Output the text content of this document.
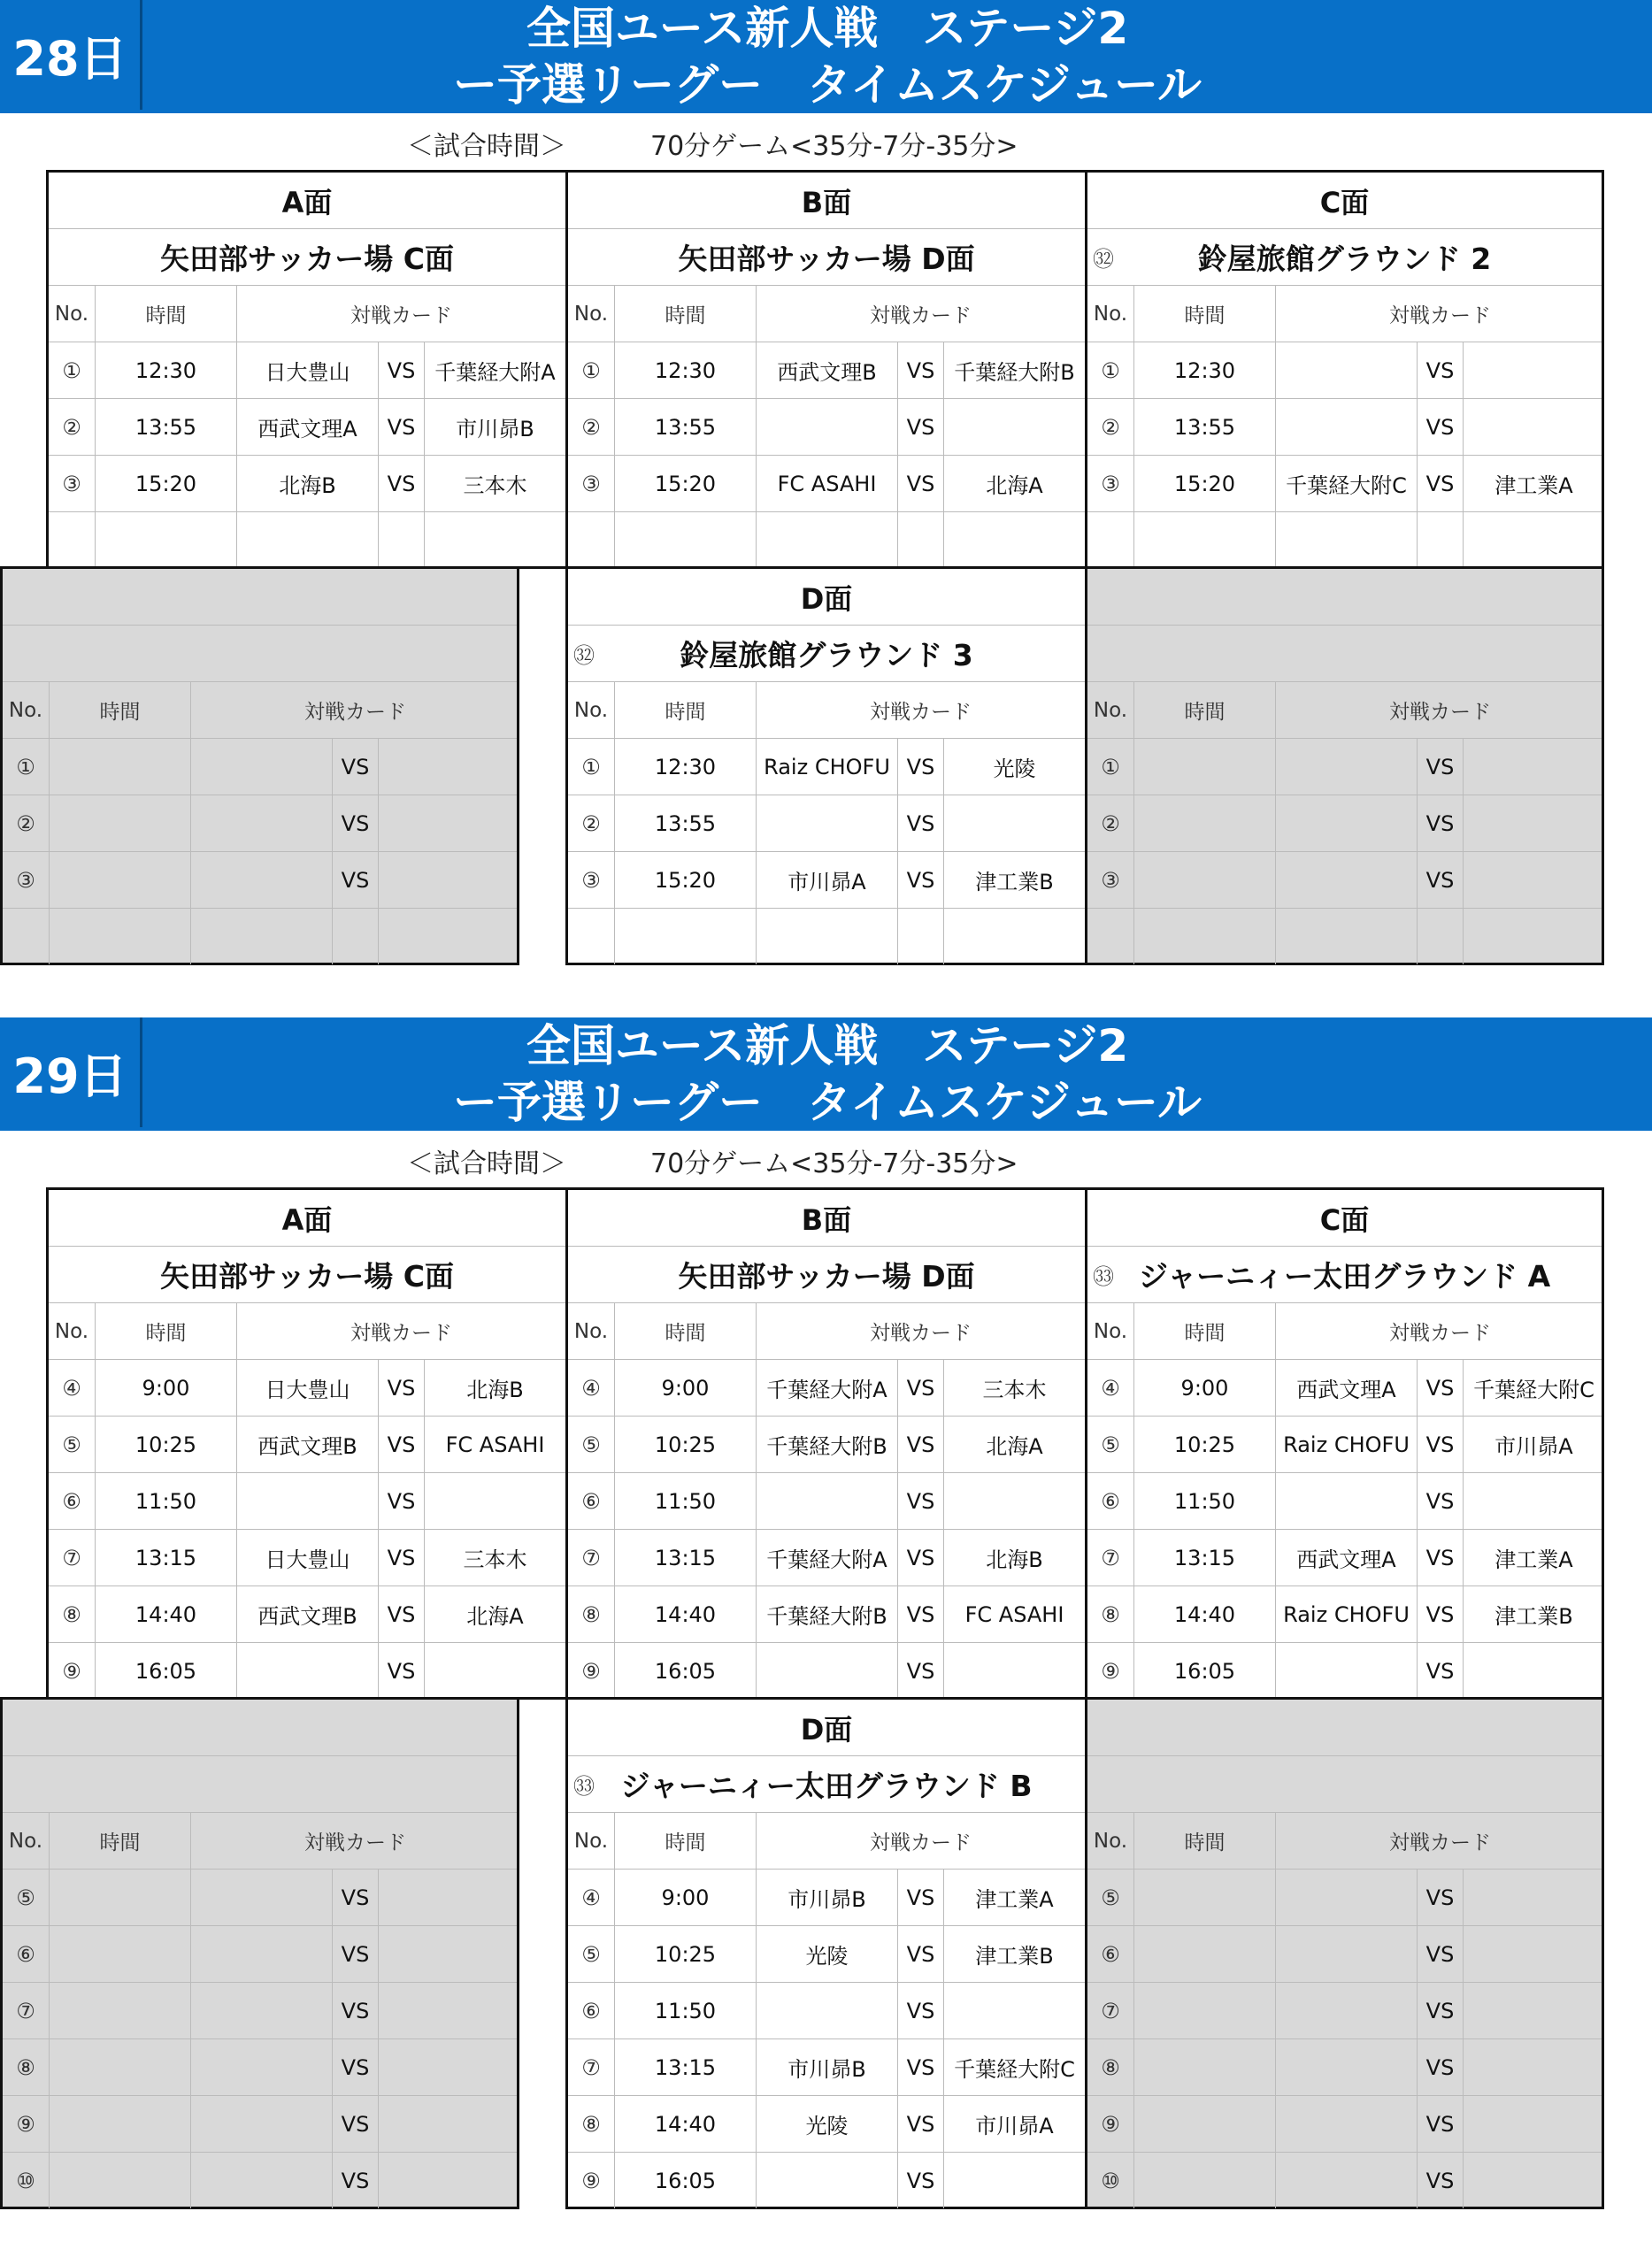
28日
全国ユース新人戦　ステージ2
ー予選リーグー　タイムスケジュール
＜試合時間＞	70分ゲーム<35分-7分-35分>
A面
矢田部サッカー場 C面
No.	時間	対戦カード
①	12:30	日大豊山	VS 千葉経大附A
②	13:55	西武文理A	VS	市川昴B
③	15:20	北海B	VS	三本木
B面
矢田部サッカー場 D面
No.	時間	対戦カード
①	12:30	西武文理B	VS 千葉経大附B
②	13:55	VS
③	15:20	FC ASAHI	VS	北海A
C面
㉜	鈴屋旅館グラウンド 2
No.	時間	対戦カード
①	12:30	VS
②	13:55	VS
③	15:20	千葉経大附C VS	津工業A
D面
㉜	鈴屋旅館グラウンド 3
No.	時間	対戦カード
①	12:30	Raiz CHOFU VS	光陵
②	13:55	VS
③	15:20	市川昴A	VS	津工業B
No.	時間	対戦カード
①	VS
②	VS
③	VS
No.	時間	対戦カード
①	VS
②	VS
③	VS
29日
全国ユース新人戦　ステージ2
ー予選リーグー　タイムスケジュール
＜試合時間＞	70分ゲーム<35分-7分-35分>
A面
矢田部サッカー場 C面
No.	時間	対戦カード
④	9:00	日大豊山	VS	北海B
⑤	10:25	西武文理B	VS	FC ASAHI
⑥	11:50	VS
⑦	13:15	日大豊山	VS	三本木
⑧	14:40	西武文理B	VS	北海A
⑨	16:05	VS
B面
矢田部サッカー場 D面
No.	時間	対戦カード
④	9:00	千葉経大附A VS	三本木
⑤	10:25	千葉経大附B VS	北海A
⑥	11:50	VS
⑦	13:15	千葉経大附A VS	北海B
⑧	14:40	千葉経大附B VS	FC ASAHI
⑨	16:05	VS
C面
㉝ ジャーニィー太田グラウンド A
No.	時間	対戦カード
④	9:00	西武文理A	VS 千葉経大附C
⑤	10:25	Raiz CHOFU VS	市川昴A
⑥	11:50	VS
⑦	13:15	西武文理A	VS	津工業A
⑧	14:40	Raiz CHOFU VS	津工業B
⑨	16:05	VS
D面
㉝ ジャーニィー太田グラウンド B
No.	時間	対戦カード
④	9:00	市川昴B	VS	津工業A
⑤	10:25	光陵	VS	津工業B
⑥	11:50	VS
⑦	13:15	市川昴B	VS 千葉経大附C
⑧	14:40	光陵	VS	市川昴A
⑨	16:05	VS
No.	時間	対戦カード
⑤	VS
⑥	VS
⑦	VS
⑧	VS
⑨	VS
⑩	VS
No.	時間	対戦カード
⑤	VS
⑥	VS
⑦	VS
⑧	VS
⑨	VS
⑩	VS
